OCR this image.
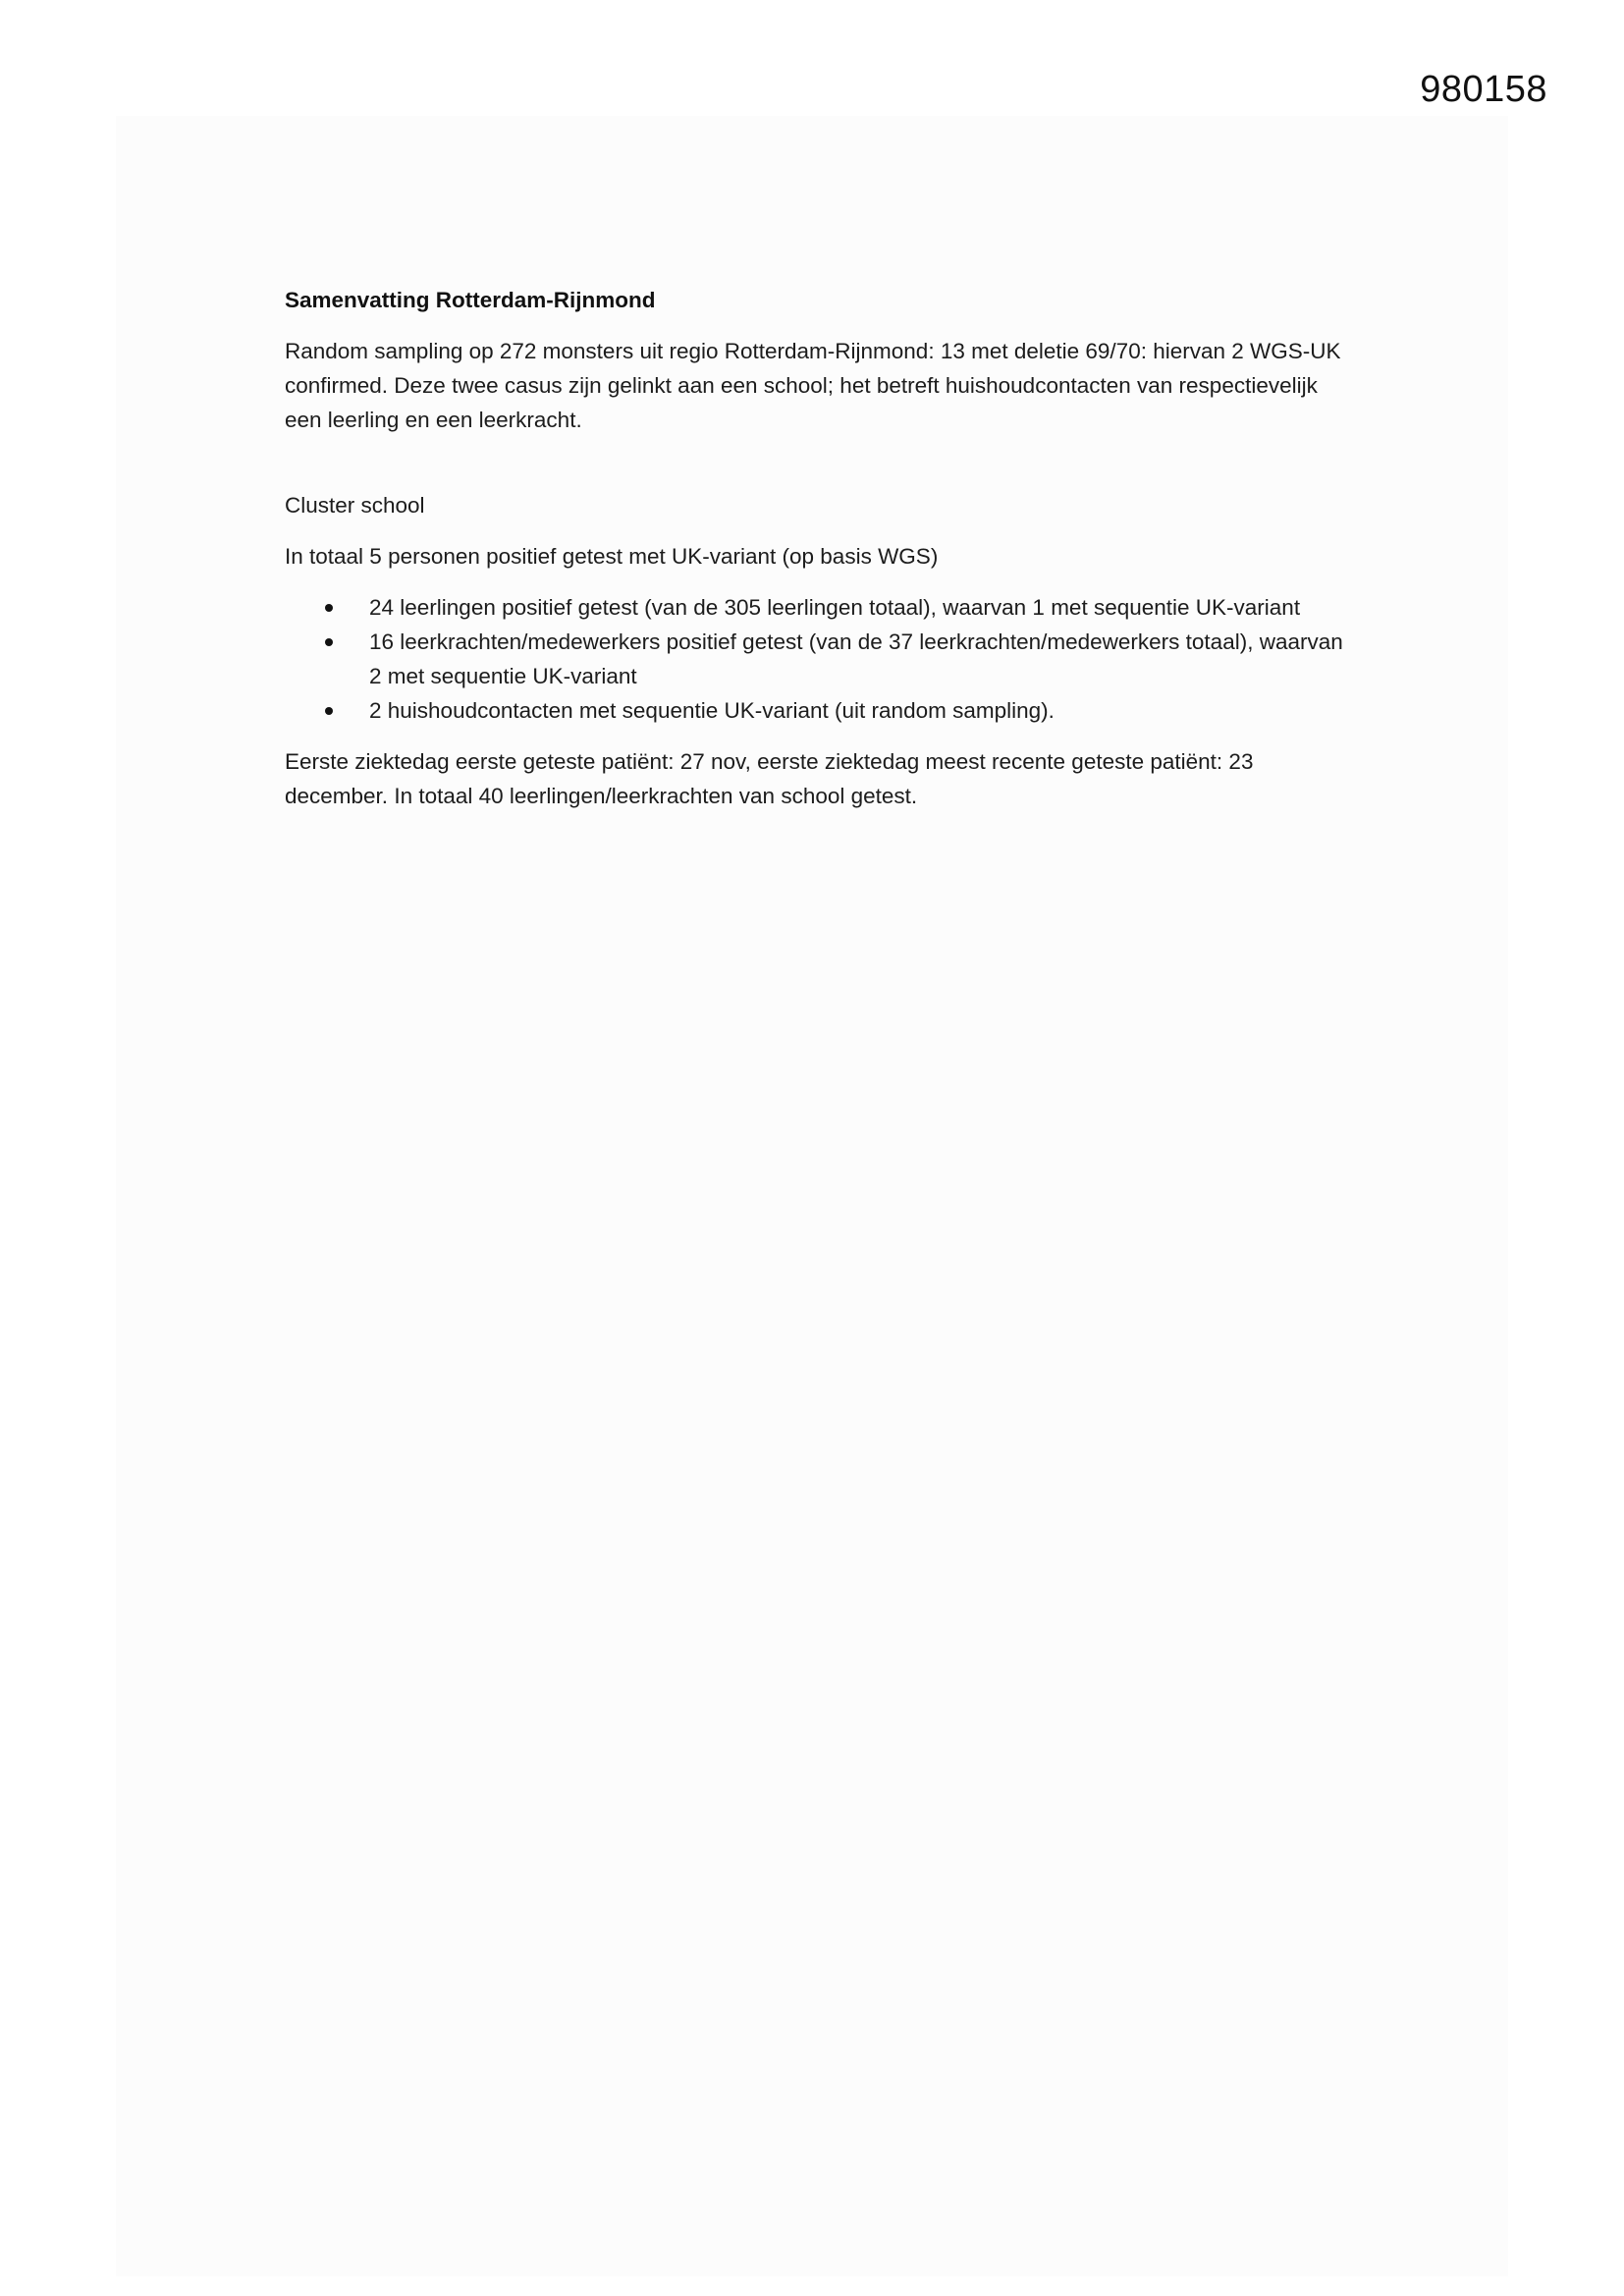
980158

Samenvatting Rotterdam-Rijnmond

Random sampling op 272 monsters uit regio Rotterdam-Rijnmond: 13 met deletie 69/70: hiervan 2 WGS-UK confirmed. Deze twee casus zijn gelinkt aan een school; het betreft huishoudcontacten van respectievelijk een leerling en een leerkracht.

Cluster school

In totaal 5 personen positief getest met UK-variant (op basis WGS)

24 leerlingen positief getest (van de 305 leerlingen totaal), waarvan 1 met sequentie UK-variant
16 leerkrachten/medewerkers positief getest (van de 37 leerkrachten/medewerkers totaal), waarvan 2 met sequentie UK-variant
2 huishoudcontacten met sequentie UK-variant (uit random sampling).

Eerste ziektedag eerste geteste patiënt: 27 nov, eerste ziektedag meest recente geteste patiënt: 23 december. In totaal 40 leerlingen/leerkrachten van school getest.
